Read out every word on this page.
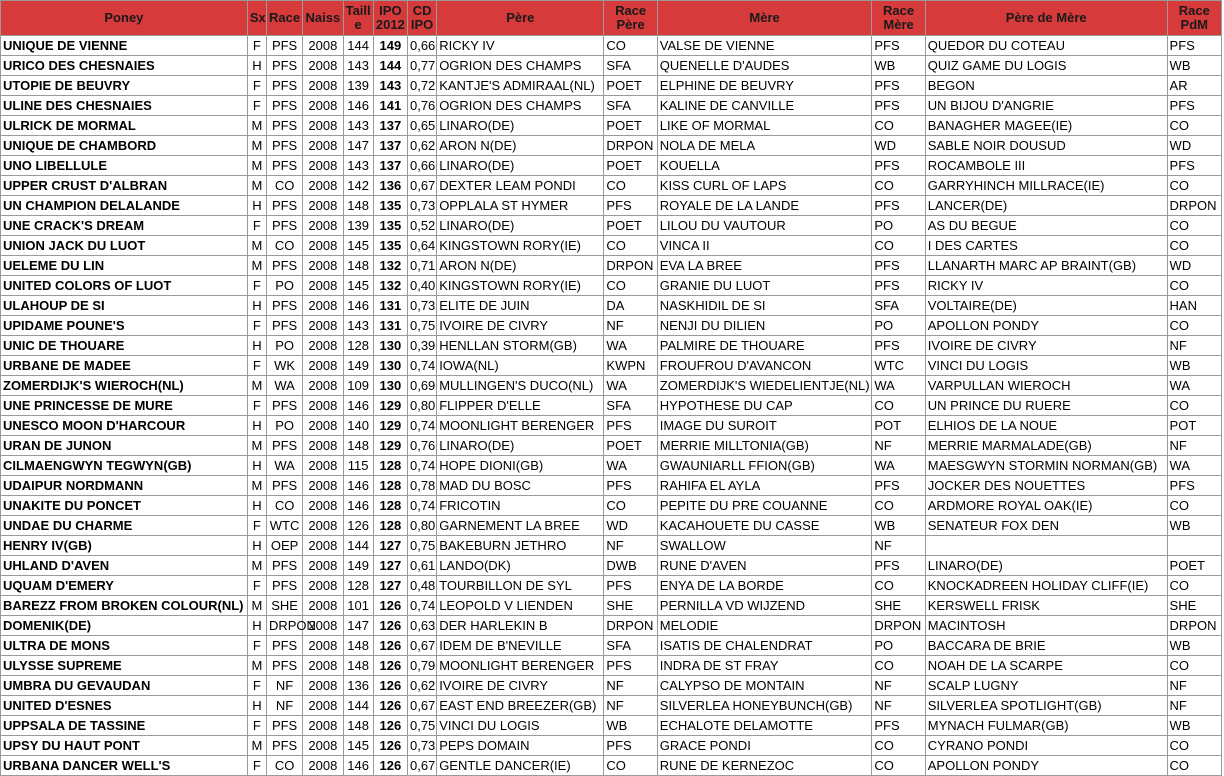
Poney	Sx	Race	Naiss	Taill e	IPO 2012	CD IPO	Père	Race Père	Mère	Race Mère	Père de Mère	Race PdM
UNIQUE DE VIENNE	F	PFS	2008	144	149	0,66	RICKY IV	CO	VALSE DE VIENNE	PFS	QUEDOR DU COTEAU	PFS
URICO DES CHESNAIES	H	PFS	2008	143	144	0,77	OGRION DES CHAMPS	SFA	QUENELLE D'AUDES	WB	QUIZ GAME DU LOGIS	WB
UTOPIE DE BEUVRY	F	PFS	2008	139	143	0,72	KANTJE'S ADMIRAAL(NL)	POET	ELPHINE DE BEUVRY	PFS	BEGON	AR
ULINE DES CHESNAIES	F	PFS	2008	146	141	0,76	OGRION DES CHAMPS	SFA	KALINE DE CANVILLE	PFS	UN BIJOU D'ANGRIE	PFS
ULRICK DE MORMAL	M	PFS	2008	143	137	0,65	LINARO(DE)	POET	LIKE OF MORMAL	CO	BANAGHER MAGEE(IE)	CO
UNIQUE DE CHAMBORD	M	PFS	2008	147	137	0,62	ARON N(DE)	DRPON	NOLA DE MELA	WD	SABLE NOIR DOUSUD	WD
UNO LIBELLULE	M	PFS	2008	143	137	0,66	LINARO(DE)	POET	KOUELLA	PFS	ROCAMBOLE III	PFS
UPPER CRUST D'ALBRAN	M	CO	2008	142	136	0,67	DEXTER LEAM PONDI	CO	KISS CURL OF LAPS	CO	GARRYHINCH MILLRACE(IE)	CO
UN CHAMPION DELALANDE	H	PFS	2008	148	135	0,73	OPPLALA ST HYMER	PFS	ROYALE DE LA LANDE	PFS	LANCER(DE)	DRPON
UNE CRACK'S DREAM	F	PFS	2008	139	135	0,52	LINARO(DE)	POET	LILOU DU VAUTOUR	PO	AS DU BEGUE	CO
UNION JACK DU LUOT	M	CO	2008	145	135	0,64	KINGSTOWN RORY(IE)	CO	VINCA II	CO	I DES CARTES	CO
UELEME DU LIN	M	PFS	2008	148	132	0,71	ARON N(DE)	DRPON	EVA LA BREE	PFS	LLANARTH MARC AP BRAINT(GB)	WD
UNITED COLORS OF LUOT	F	PO	2008	145	132	0,40	KINGSTOWN RORY(IE)	CO	GRANIE DU LUOT	PFS	RICKY IV	CO
ULAHOUP DE SI	H	PFS	2008	146	131	0,73	ELITE DE JUIN	DA	NASKHIDIL DE SI	SFA	VOLTAIRE(DE)	HAN
UPIDAME POUNE'S	F	PFS	2008	143	131	0,75	IVOIRE DE CIVRY	NF	NENJI DU DILIEN	PO	APOLLON PONDY	CO
UNIC DE THOUARE	H	PO	2008	128	130	0,39	HENLLAN STORM(GB)	WA	PALMIRE DE THOUARE	PFS	IVOIRE DE CIVRY	NF
URBANE DE MADEE	F	WK	2008	149	130	0,74	IOWA(NL)	KWPN	FROUFROU D'AVANCON	WTC	VINCI DU LOGIS	WB
ZOMERDIJK'S WIEROCH(NL)	M	WA	2008	109	130	0,69	MULLINGEN'S DUCO(NL)	WA	ZOMERDIJK'S WIEDELIENTJE(NL)	WA	VARPULLAN WIEROCH	WA
UNE PRINCESSE DE MURE	F	PFS	2008	146	129	0,80	FLIPPER D'ELLE	SFA	HYPOTHESE DU CAP	CO	UN PRINCE DU RUERE	CO
UNESCO MOON D'HARCOUR	H	PO	2008	140	129	0,74	MOONLIGHT BERENGER	PFS	IMAGE DU SUROIT	POT	ELHIOS DE LA NOUE	POT
URAN DE JUNON	M	PFS	2008	148	129	0,76	LINARO(DE)	POET	MERRIE MILLTONIA(GB)	NF	MERRIE MARMALADE(GB)	NF
CILMAENGWYN TEGWYN(GB)	H	WA	2008	115	128	0,74	HOPE DIONI(GB)	WA	GWAUNIARLL FFION(GB)	WA	MAESGWYN STORMIN NORMAN(GB)	WA
UDAIPUR NORDMANN	M	PFS	2008	146	128	0,78	MAD DU BOSC	PFS	RAHIFA EL AYLA	PFS	JOCKER DES NOUETTES	PFS
UNAKITE DU PONCET	H	CO	2008	146	128	0,74	FRICOTIN	CO	PEPITE DU PRE COUANNE	CO	ARDMORE ROYAL OAK(IE)	CO
UNDAE DU CHARME	F	WTC	2008	126	128	0,80	GARNEMENT LA BREE	WD	KACAHOUETE DU CASSE	WB	SENATEUR FOX DEN	WB
HENRY IV(GB)	H	OEP	2008	144	127	0,75	BAKEBURN JETHRO	NF	SWALLOW	NF		
UHLAND D'AVEN	M	PFS	2008	149	127	0,61	LANDO(DK)	DWB	RUNE D'AVEN	PFS	LINARO(DE)	POET
UQUAM D'EMERY	F	PFS	2008	128	127	0,48	TOURBILLON DE SYL	PFS	ENYA DE LA BORDE	CO	KNOCKADREEN HOLIDAY CLIFF(IE)	CO
BAREZZ FROM BROKEN COLOUR(NL)	M	SHE	2008	101	126	0,74	LEOPOLD V LIENDEN	SHE	PERNILLA VD WIJZEND	SHE	KERSWELL FRISK	SHE
DOMENIK(DE)	H	DRPON	2008	147	126	0,63	DER HARLEKIN B	DRPON	MELODIE	DRPON	MACINTOSH	DRPON
ULTRA DE MONS	F	PFS	2008	148	126	0,67	IDEM DE B'NEVILLE	SFA	ISATIS DE CHALENDRAT	PO	BACCARA DE BRIE	WB
ULYSSE SUPREME	M	PFS	2008	148	126	0,79	MOONLIGHT BERENGER	PFS	INDRA DE ST FRAY	CO	NOAH DE LA SCARPE	CO
UMBRA DU GEVAUDAN	F	NF	2008	136	126	0,62	IVOIRE DE CIVRY	NF	CALYPSO DE MONTAIN	NF	SCALP LUGNY	NF
UNITED D'ESNES	H	NF	2008	144	126	0,67	EAST END BREEZER(GB)	NF	SILVERLEA HONEYBUNCH(GB)	NF	SILVERLEA SPOTLIGHT(GB)	NF
UPPSALA DE TASSINE	F	PFS	2008	148	126	0,75	VINCI DU LOGIS	WB	ECHALOTE DELAMOTTE	PFS	MYNACH FULMAR(GB)	WB
UPSY DU HAUT PONT	M	PFS	2008	145	126	0,73	PEPS DOMAIN	PFS	GRACE PONDI	CO	CYRANO PONDI	CO
URBANA DANCER WELL'S	F	CO	2008	146	126	0,67	GENTLE DANCER(IE)	CO	RUNE DE KERNEZOC	CO	APOLLON PONDY	CO
